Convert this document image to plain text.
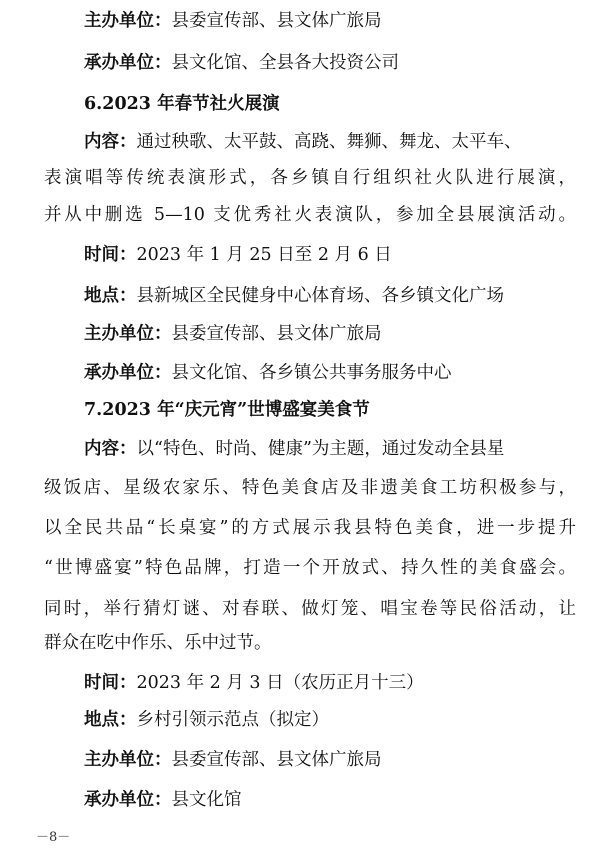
主办单位：县委宣传部、县文体广旅局
承办单位：县文化馆、全县各大投资公司
6.2023 年春节社火展演
内容：通过秧歌、太平鼓、高跷、舞狮、舞龙、太平车、
表演唱等传统表演形式，各乡镇自行组织社火队进行展演，
并从中删选 5—10 支优秀社火表演队，参加全县展演活动。
时间：2023 年 1 月 25 日至 2 月 6 日
地点：县新城区全民健身中心体育场、各乡镇文化广场
主办单位：县委宣传部、县文体广旅局
承办单位：县文化馆、各乡镇公共事务服务中心
7.2023 年“庆元宵”世博盛宴美食节
内容：以“特色、时尚、健康”为主题，通过发动全县星
级饭店、星级农家乐、特色美食店及非遗美食工坊积极参与，
以全民共品“长桌宴”的方式展示我县特色美食，进一步提升
“世博盛宴”特色品牌，打造一个开放式、持久性的美食盛会。
同时，举行猜灯谜、对春联、做灯笼、唱宝卷等民俗活动，让
群众在吃中作乐、乐中过节。
时间：2023 年 2 月 3 日（农历正月十三）
地点：乡村引领示范点（拟定）
主办单位：县委宣传部、县文体广旅局
承办单位：县文化馆
－8－
